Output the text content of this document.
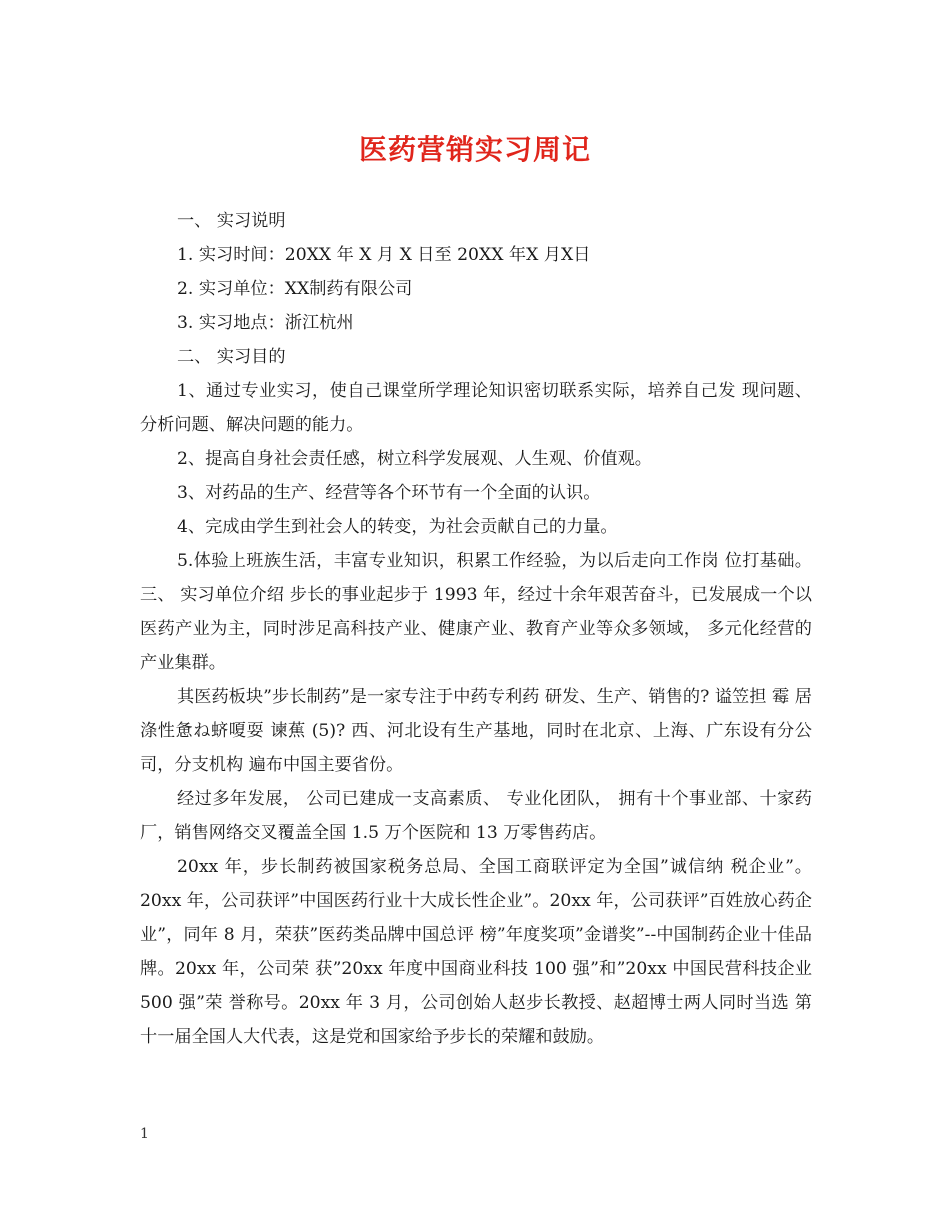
医药营销实习周记

一、 实习说明

1. 实习时间：20XX 年 X 月 X 日至 20XX 年X 月X日

2. 实习单位：XX制药有限公司

3. 实习地点：浙江杭州

二、 实习目的

1、通过专业实习，使自己课堂所学理论知识密切联系实际，培养自己发 现问题、分析问题、解决问题的能力。

2、提高自身社会责任感，树立科学发展观、人生观、价值观。

3、对药品的生产、经营等各个环节有一个全面的认识。

4、完成由学生到社会人的转变，为社会贡献自己的力量。

5.体验上班族生活，丰富专业知识，积累工作经验，为以后走向工作岗 位打基础。 三、 实习单位介绍 步长的事业起步于 1993 年，经过十余年艰苦奋斗，已发展成一个以 医药产业为主，同时涉足高科技产业、健康产业、教育产业等众多领域， 多元化经营的产业集群。

其医药板块”步长制药”是一家专注于中药专利药 研发、生产、销售的? 谥笠担 霉 居涤性惫ね蛴嗄耍 谏蕉 (5)? 西、河北设有生产基地，同时在北京、上海、广东设有分公司，分支机构 遍布中国主要省份。

经过多年发展， 公司已建成一支高素质、 专业化团队， 拥有十个事业部、十家药厂，销售网络交叉覆盖全国 1.5 万个医院和 13 万零售药店。

20xx 年，步长制药被国家税务总局、全国工商联评定为全国”诚信纳 税企业”。20xx 年，公司获评”中国医药行业十大成长性企业”。20xx 年，公司获评”百姓放心药企业”，同年 8 月，荣获”医药类品牌中国总评 榜”年度奖项”金谱奖”--中国制药企业十佳品牌。20xx 年，公司荣 获”20xx 年度中国商业科技 100 强”和”20xx 中国民营科技企业 500 强”荣 誉称号。20xx 年 3 月，公司创始人赵步长教授、赵超博士两人同时当选 第十一届全国人大代表，这是党和国家给予步长的荣耀和鼓励。

1
